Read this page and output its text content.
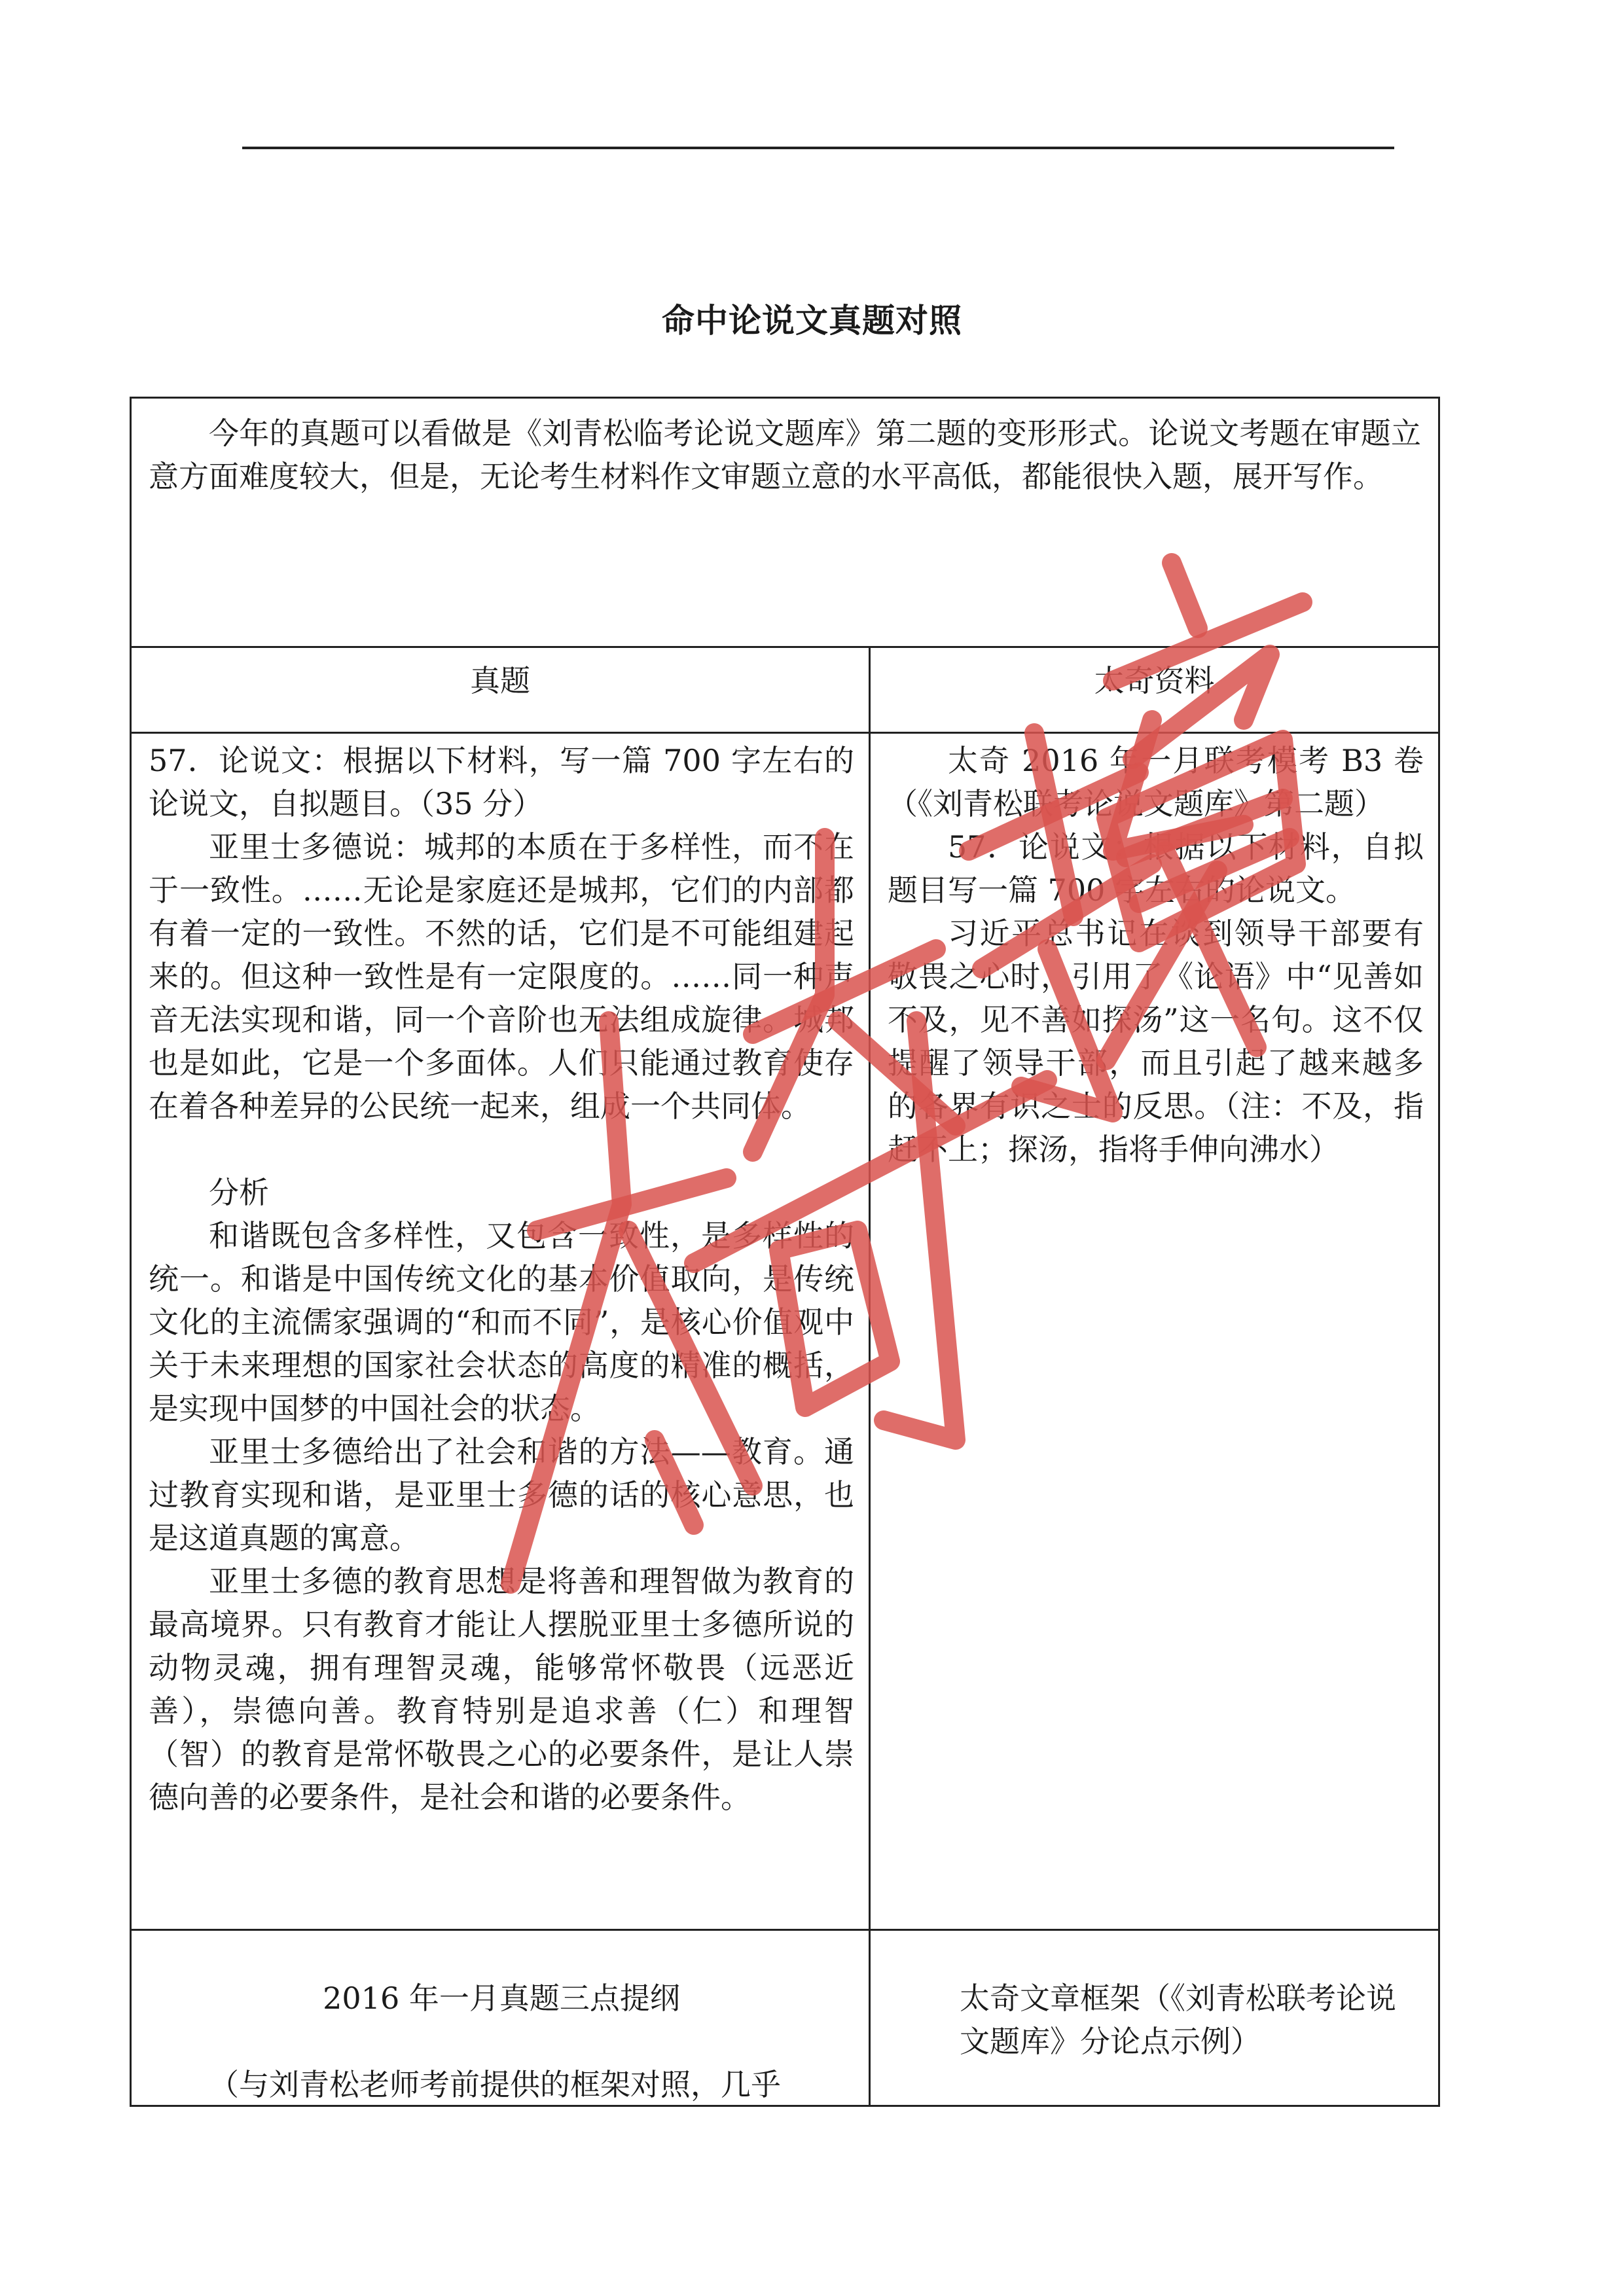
命中论说文真题对照

今年的真题可以看做是《刘青松临考论说文题库》第二题的变形形式。论说文考题在审题立意方面难度较大，但是，无论考生材料作文审题立意的水平高低，都能很快入题，展开写作。

真题	太奇资料

57．论说文：根据以下材料，写一篇 700 字左右的论说文，自拟题目。（35 分）

亚里士多德说：城邦的本质在于多样性，而不在于一致性。……无论是家庭还是城邦，它们的内部都有着一定的一致性。不然的话，它们是不可能组建起来的。但这种一致性是有一定限度的。……同一种声音无法实现和谐，同一个音阶也无法组成旋律。城邦也是如此，它是一个多面体。人们只能通过教育使存在着各种差异的公民统一起来，组成一个共同体。

分析

和谐既包含多样性，又包含一致性，是多样性的统一。和谐是中国传统文化的基本价值取向，是传统文化的主流儒家强调的“和而不同”，是核心价值观中关于未来理想的国家社会状态的高度的精准的概括，是实现中国梦的中国社会的状态。

亚里士多德给出了社会和谐的方法——教育。通过教育实现和谐，是亚里士多德的话的核心意思，也是这道真题的寓意。

亚里士多德的教育思想是将善和理智做为教育的最高境界。只有教育才能让人摆脱亚里士多德所说的动物灵魂，拥有理智灵魂，能够常怀敬畏（远恶近善），崇德向善。教育特别是追求善（仁）和理智（智）的教育是常怀敬畏之心的必要条件，是让人崇德向善的必要条件，是社会和谐的必要条件。

太奇 2016 年一月联考模考 B3 卷（《刘青松联考论说文题库》第二题）

57．论说文：根据以下材料，自拟题目写一篇 700 字左右的论说文。

习近平总书记在谈到领导干部要有敬畏之心时，引用了《论语》中“见善如不及，见不善如探汤”这一名句。这不仅提醒了领导干部，而且引起了越来越多的各界有识之士的反思。（注：不及，指赶不上；探汤，指将手伸向沸水）

2016 年一月真题三点提纲

（与刘青松老师考前提供的框架对照，几乎

太奇文章框架（《刘青松联考论说文题库》分论点示例）
